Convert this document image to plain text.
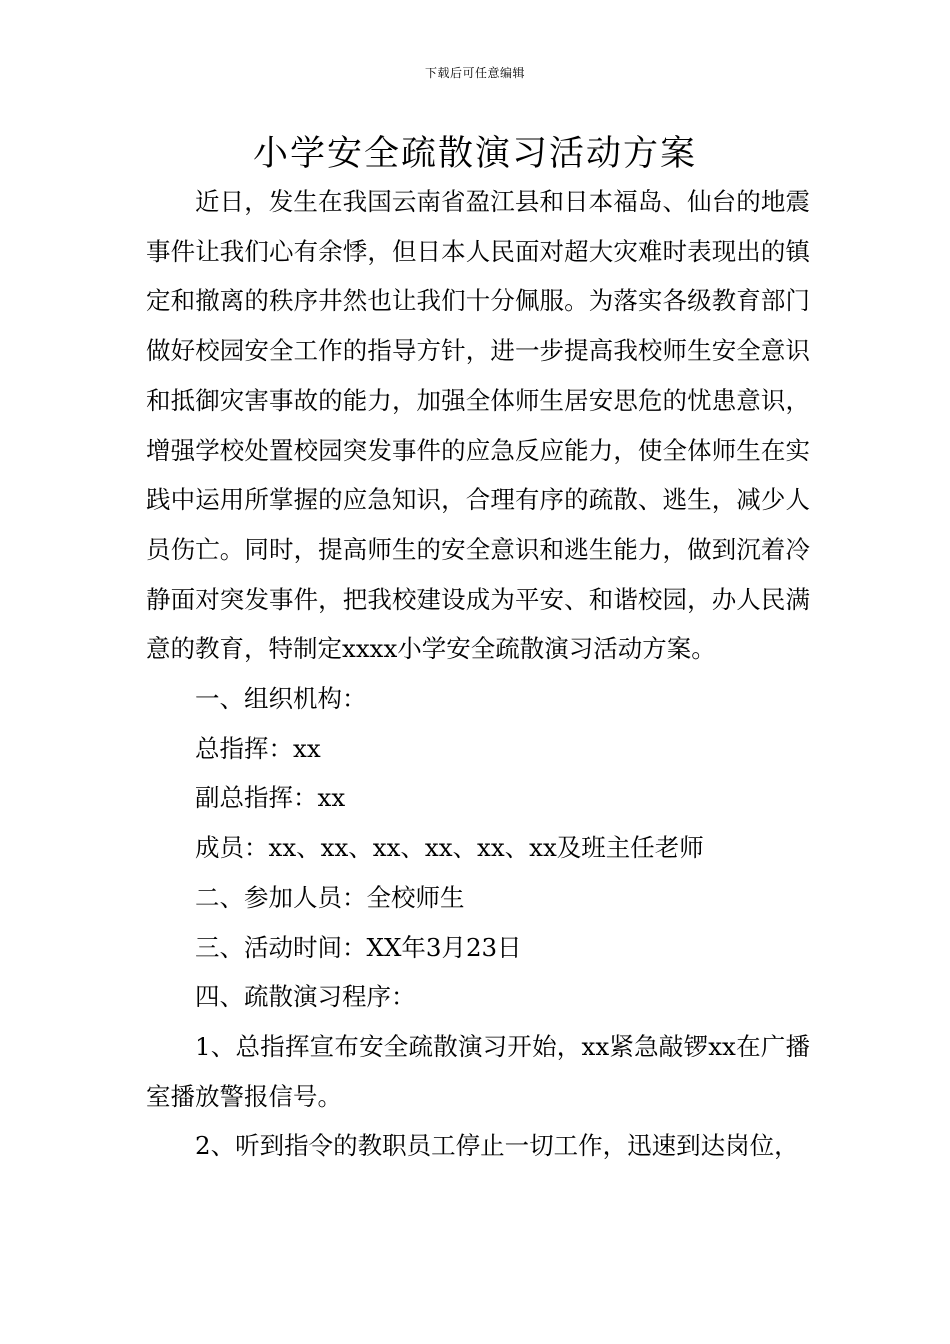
下载后可任意编辑
小学安全疏散演习活动方案

近日，发生在我国云南省盈江县和日本福岛、仙台的地震事件让我们心有余悸，但日本人民面对超大灾难时表现出的镇定和撤离的秩序井然也让我们十分佩服。为落实各级教育部门做好校园安全工作的指导方针，进一步提高我校师生安全意识和抵御灾害事故的能力，加强全体师生居安思危的忧患意识，增强学校处置校园突发事件的应急反应能力，使全体师生在实践中运用所掌握的应急知识，合理有序的疏散、逃生，减少人员伤亡。同时，提高师生的安全意识和逃生能力，做到沉着冷静面对突发事件，把我校建设成为平安、和谐校园，办人民满意的教育，特制定xxxx小学安全疏散演习活动方案。

一、组织机构：

总指挥：xx

副总指挥：xx

成员：xx、xx、xx、xx、xx、xx及班主任老师

二、参加人员：全校师生

三、活动时间：XX年3月23日

四、疏散演习程序：

1、总指挥宣布安全疏散演习开始，xx紧急敲锣xx在广播室播放警报信号。

2、听到指令的教职员工停止一切工作，迅速到达岗位，
